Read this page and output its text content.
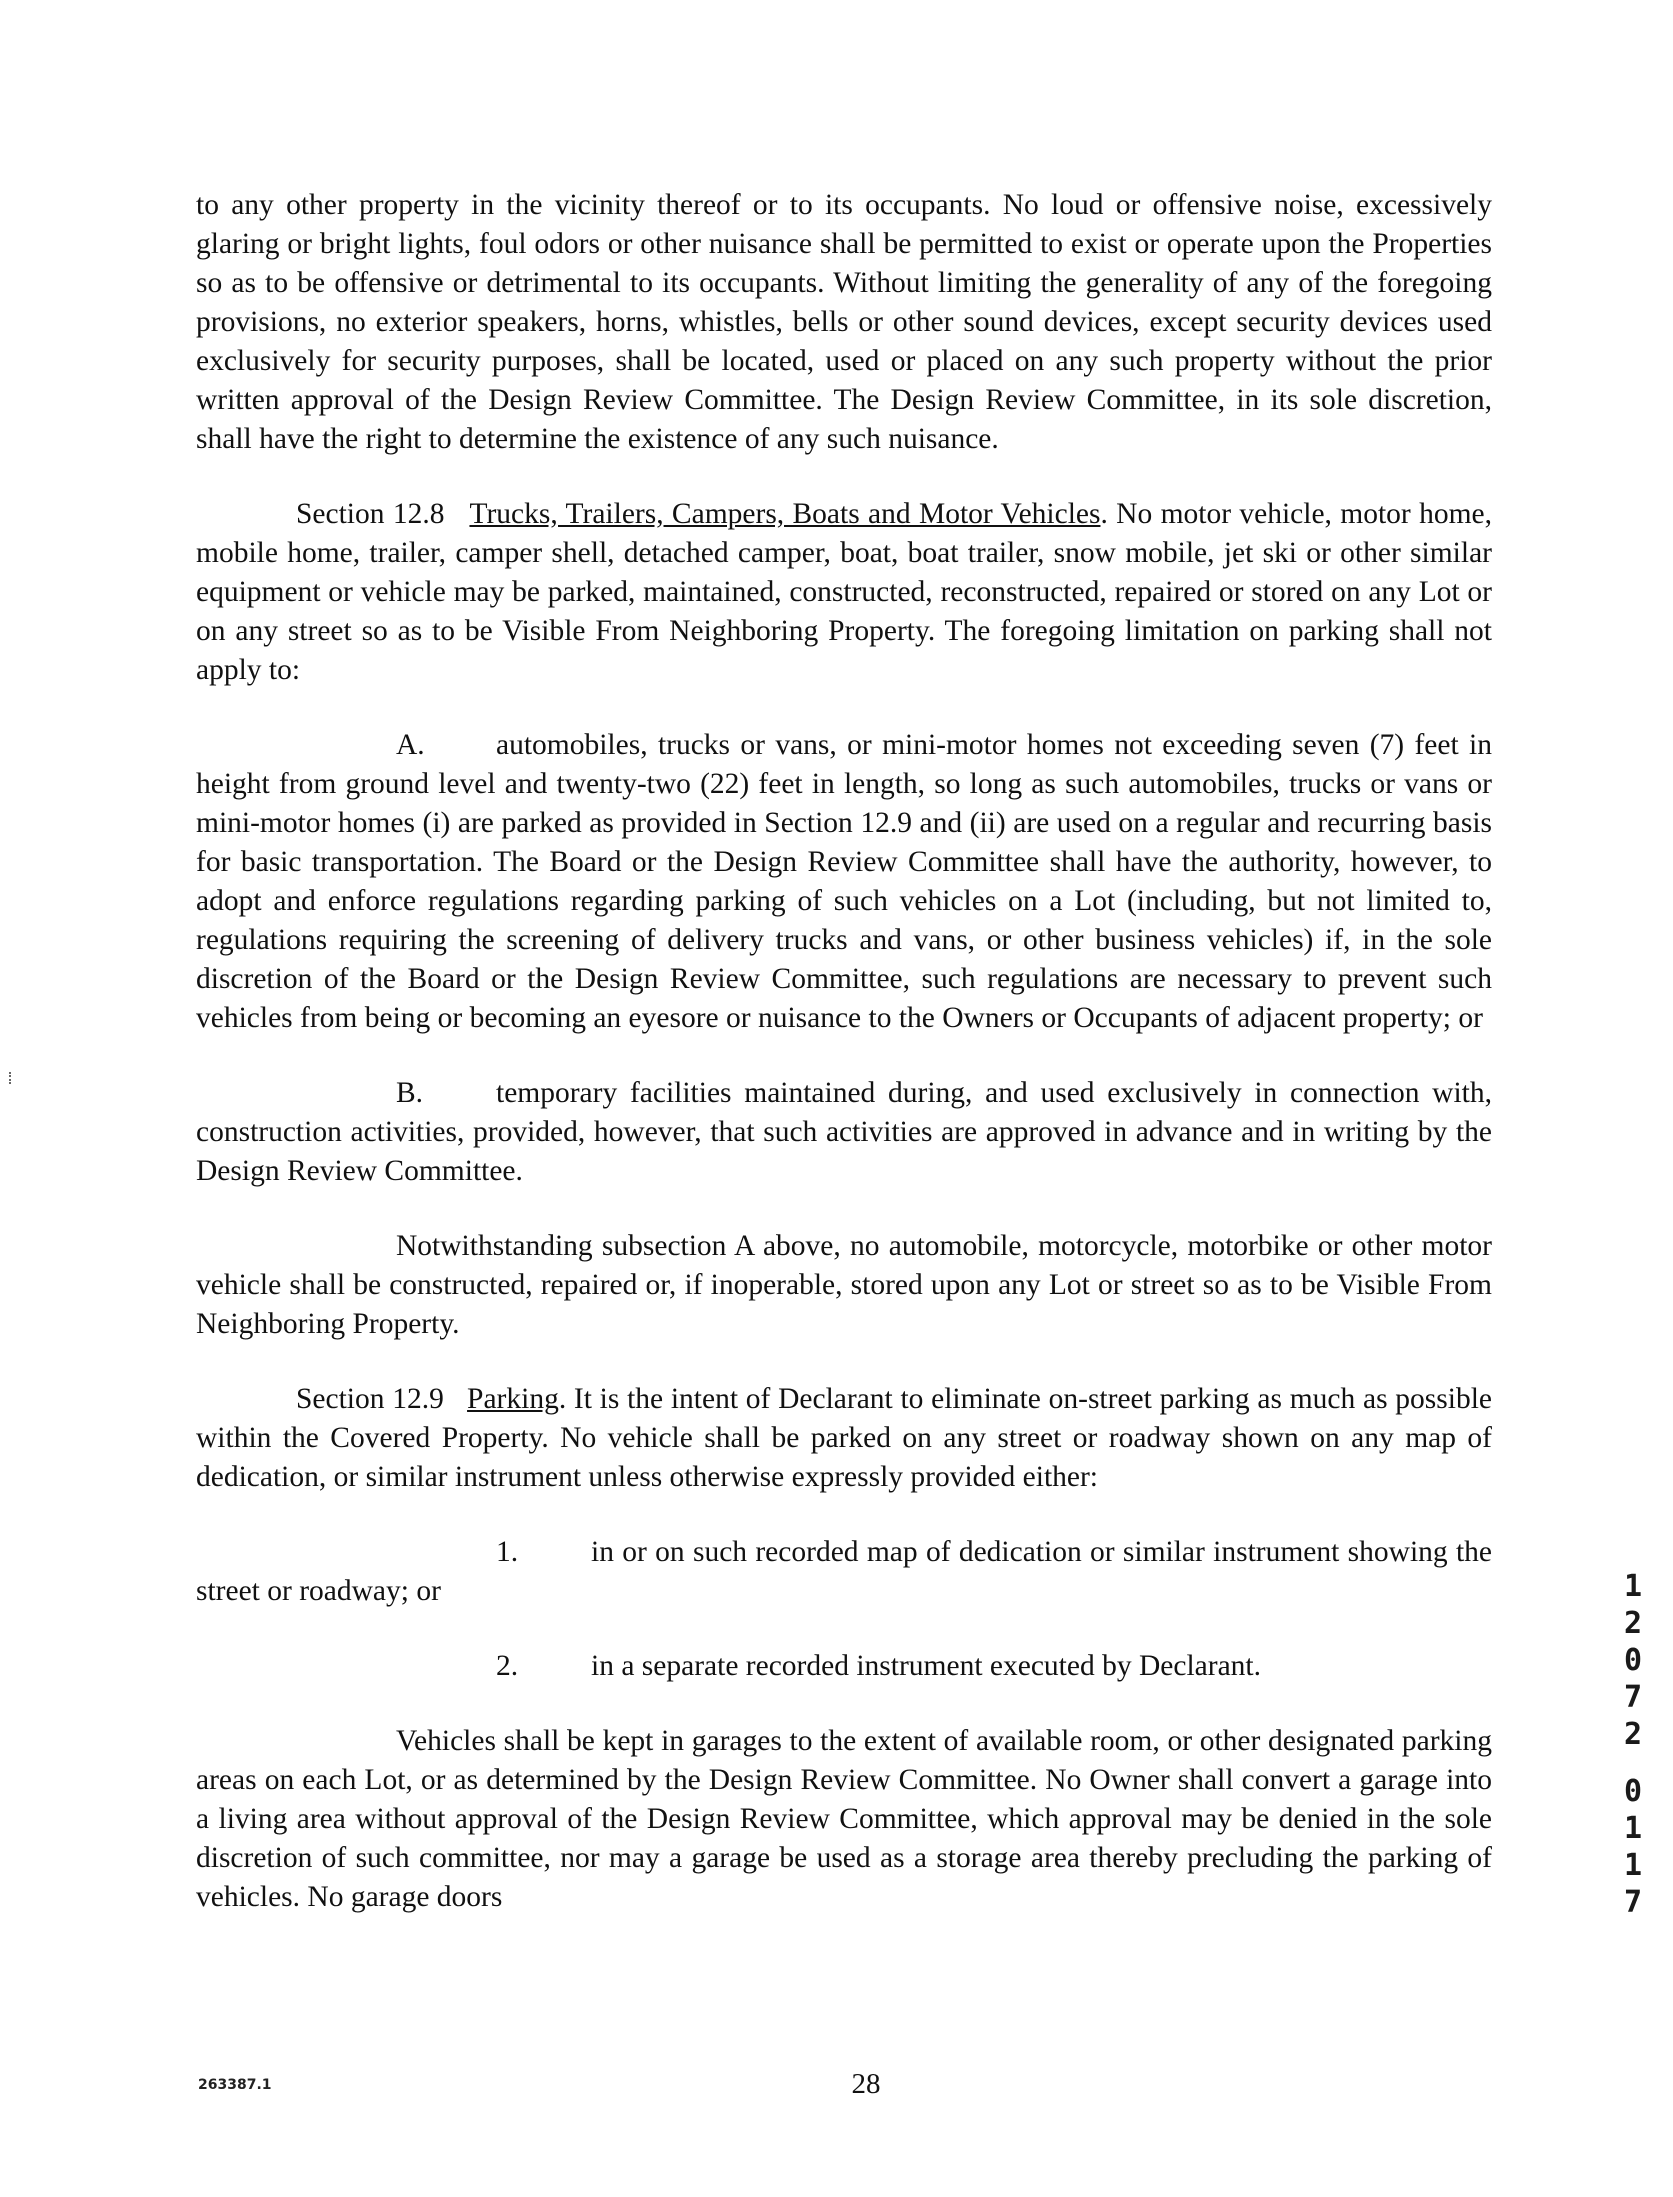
to any other property in the vicinity thereof or to its occupants. No loud or offensive noise, excessively glaring or bright lights, foul odors or other nuisance shall be permitted to exist or operate upon the Properties so as to be offensive or detrimental to its occupants. Without limiting the generality of any of the foregoing provisions, no exterior speakers, horns, whistles, bells or other sound devices, except security devices used exclusively for security purposes, shall be located, used or placed on any such property without the prior written approval of the Design Review Committee. The Design Review Committee, in its sole discretion, shall have the right to determine the existence of any such nuisance.

Section 12.8 Trucks, Trailers, Campers, Boats and Motor Vehicles. No motor vehicle, motor home, mobile home, trailer, camper shell, detached camper, boat, boat trailer, snow mobile, jet ski or other similar equipment or vehicle may be parked, maintained, constructed, reconstructed, repaired or stored on any Lot or on any street so as to be Visible From Neighboring Property. The foregoing limitation on parking shall not apply to:

A. automobiles, trucks or vans, or mini-motor homes not exceeding seven (7) feet in height from ground level and twenty-two (22) feet in length, so long as such automobiles, trucks or vans or mini-motor homes (i) are parked as provided in Section 12.9 and (ii) are used on a regular and recurring basis for basic transportation. The Board or the Design Review Committee shall have the authority, however, to adopt and enforce regulations regarding parking of such vehicles on a Lot (including, but not limited to, regulations requiring the screening of delivery trucks and vans, or other business vehicles) if, in the sole discretion of the Board or the Design Review Committee, such regulations are necessary to prevent such vehicles from being or becoming an eyesore or nuisance to the Owners or Occupants of adjacent property; or

B. temporary facilities maintained during, and used exclusively in connection with, construction activities, provided, however, that such activities are approved in advance and in writing by the Design Review Committee.

Notwithstanding subsection A above, no automobile, motorcycle, motorbike or other motor vehicle shall be constructed, repaired or, if inoperable, stored upon any Lot or street so as to be Visible From Neighboring Property.

Section 12.9 Parking. It is the intent of Declarant to eliminate on-street parking as much as possible within the Covered Property. No vehicle shall be parked on any street or roadway shown on any map of dedication, or similar instrument unless otherwise expressly provided either:

1. in or on such recorded map of dedication or similar instrument showing the street or roadway; or

2. in a separate recorded instrument executed by Declarant.

Vehicles shall be kept in garages to the extent of available room, or other designated parking areas on each Lot, or as determined by the Design Review Committee. No Owner shall convert a garage into a living area without approval of the Design Review Committee, which approval may be denied in the sole discretion of such committee, nor may a garage be used as a storage area thereby precluding the parking of vehicles. No garage doors

1
2
0
7
2
0
1
1
7
263387.1	28
